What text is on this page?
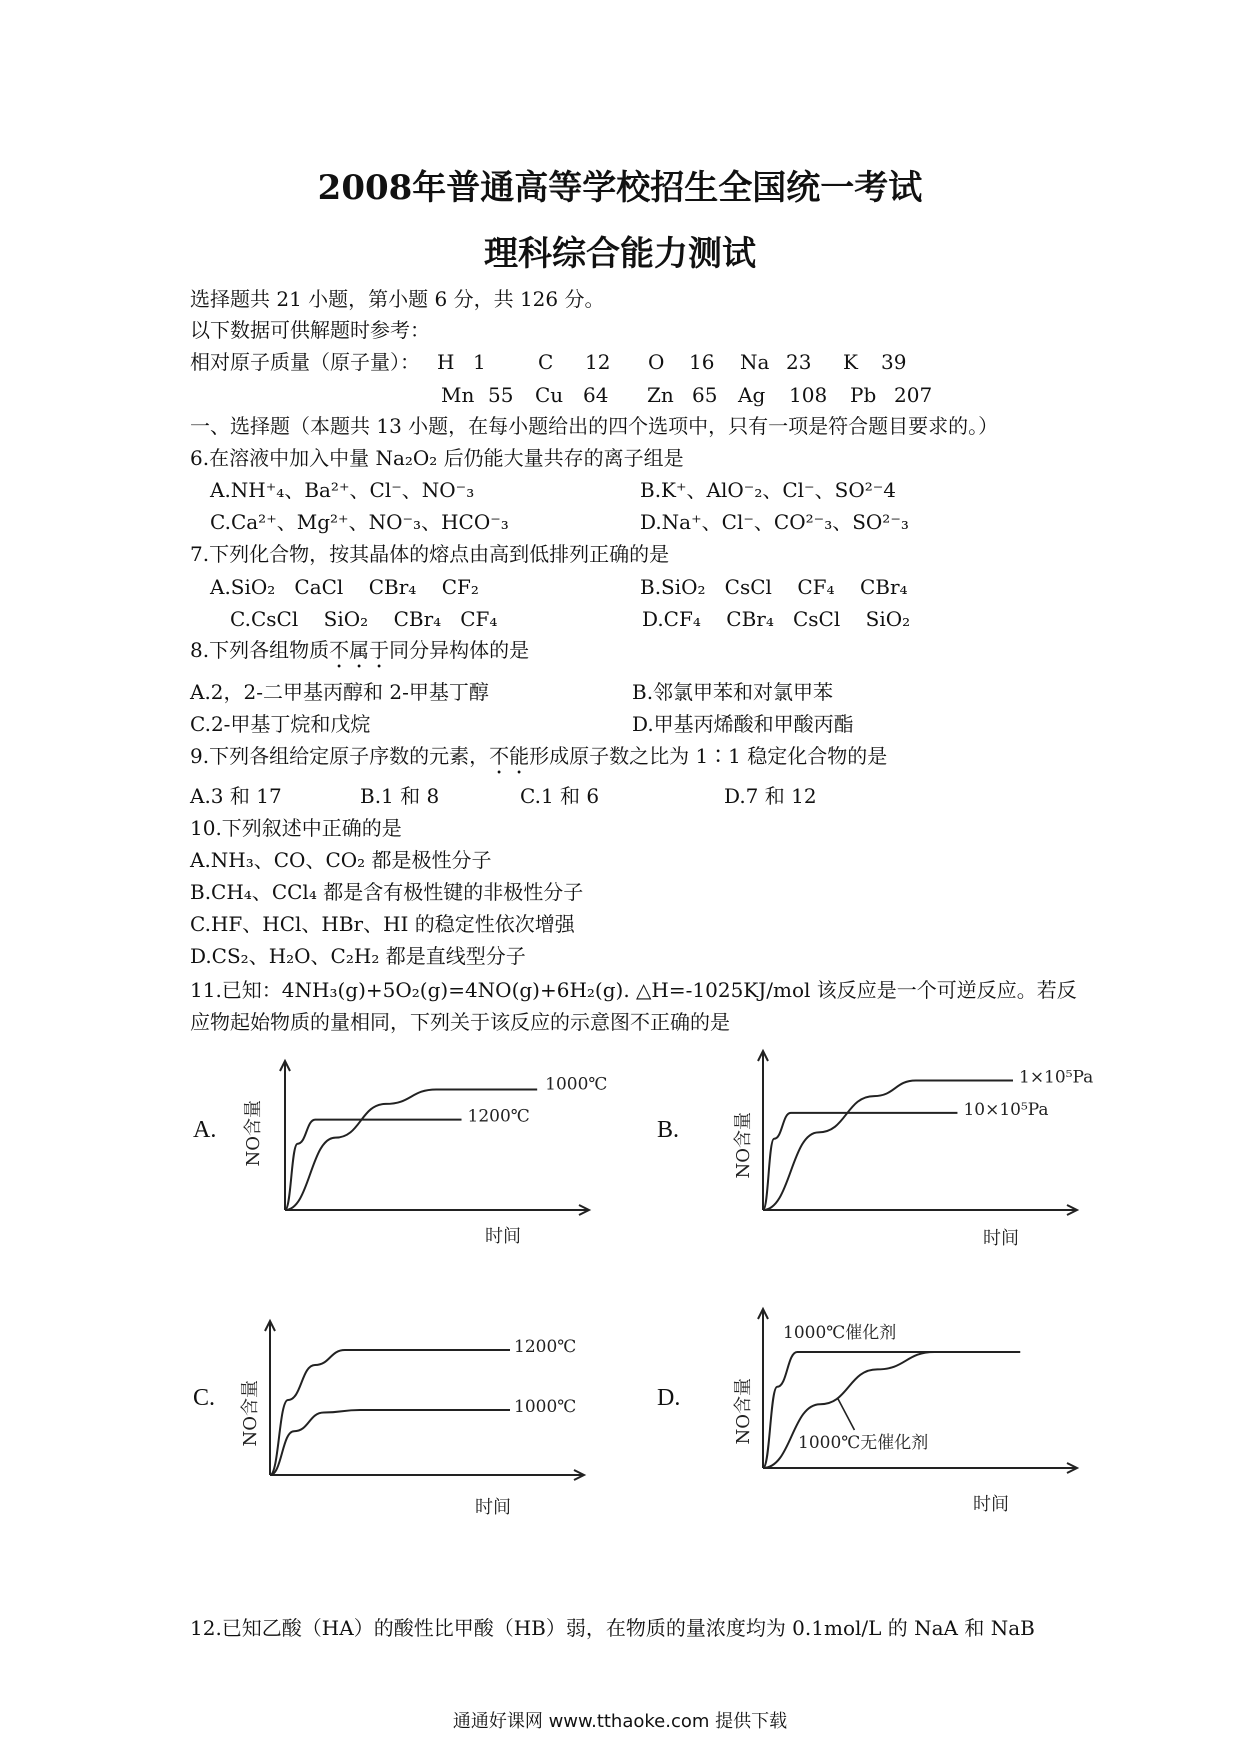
2008年普通高等学校招生全国统一考试
理科综合能力测试
选择题共 21 小题，第小题 6 分，共 126 分。
以下数据可供解题时参考：
相对原子质量（原子量）： H 1	C 12 O 16 Na 23 K 39
Mn 55 Cu 64 Zn 65 Ag 108 Pb 207
一、选择题（本题共 13 小题，在每小题给出的四个选项中，只有一项是符合题目要求的。）
6.在溶液中加入中量 Na₂O₂ 后仍能大量共存的离子组是
A.NH⁺₄、Ba²⁺、Cl⁻、NO⁻₃	B.K⁺、AlO⁻₂、Cl⁻、SO²⁻4
C.Ca²⁺、Mg²⁺、NO⁻₃、HCO⁻₃	D.Na⁺、Cl⁻、CO²⁻₃、SO²⁻₃
7.下列化合物，按其晶体的熔点由高到低排列正确的是
A.SiO₂   CaCl    CBr₄    CF₂	B.SiO₂   CsCl    CF₄    CBr₄
C.CsCl    SiO₂    CBr₄   CF₄	D.CF₄    CBr₄   CsCl    SiO₂
8.下列各组物质不属于同分异构体的是
A.2，2-二甲基丙醇和 2-甲基丁醇	B.邻氯甲苯和对氯甲苯
C.2-甲基丁烷和戊烷	D.甲基丙烯酸和甲酸丙酯
9.下列各组给定原子序数的元素，不能形成原子数之比为 1∶1 稳定化合物的是
A.3 和 17	B.1 和 8	C.1 和 6	D.7 和 12
10.下列叙述中正确的是
A.NH₃、CO、CO₂ 都是极性分子
B.CH₄、CCl₄ 都是含有极性键的非极性分子
C.HF、HCl、HBr、HI 的稳定性依次增强
D.CS₂、H₂O、C₂H₂ 都是直线型分子
11.已知：4NH₃(g)+5O₂(g)=4NO(g)+6H₂(g). △H=-1025KJ/mol 该反应是一个可逆反应。若反
应物起始物质的量相同，下列关于该反应的示意图不正确的是
A.	B.
C.	D.
NO含量
时间
1000℃
1200℃	NO含量
时间
1×10⁵Pa
10×10⁵Pa
NO含量
时间
1200℃
1000℃	NO含量
时间
1000℃催化剂
1000℃无催化剂
12.已知乙酸（HA）的酸性比甲酸（HB）弱，在物质的量浓度均为 0.1mol/L 的 NaA 和 NaB
通通好课网 www.tthaoke.com 提供下载
